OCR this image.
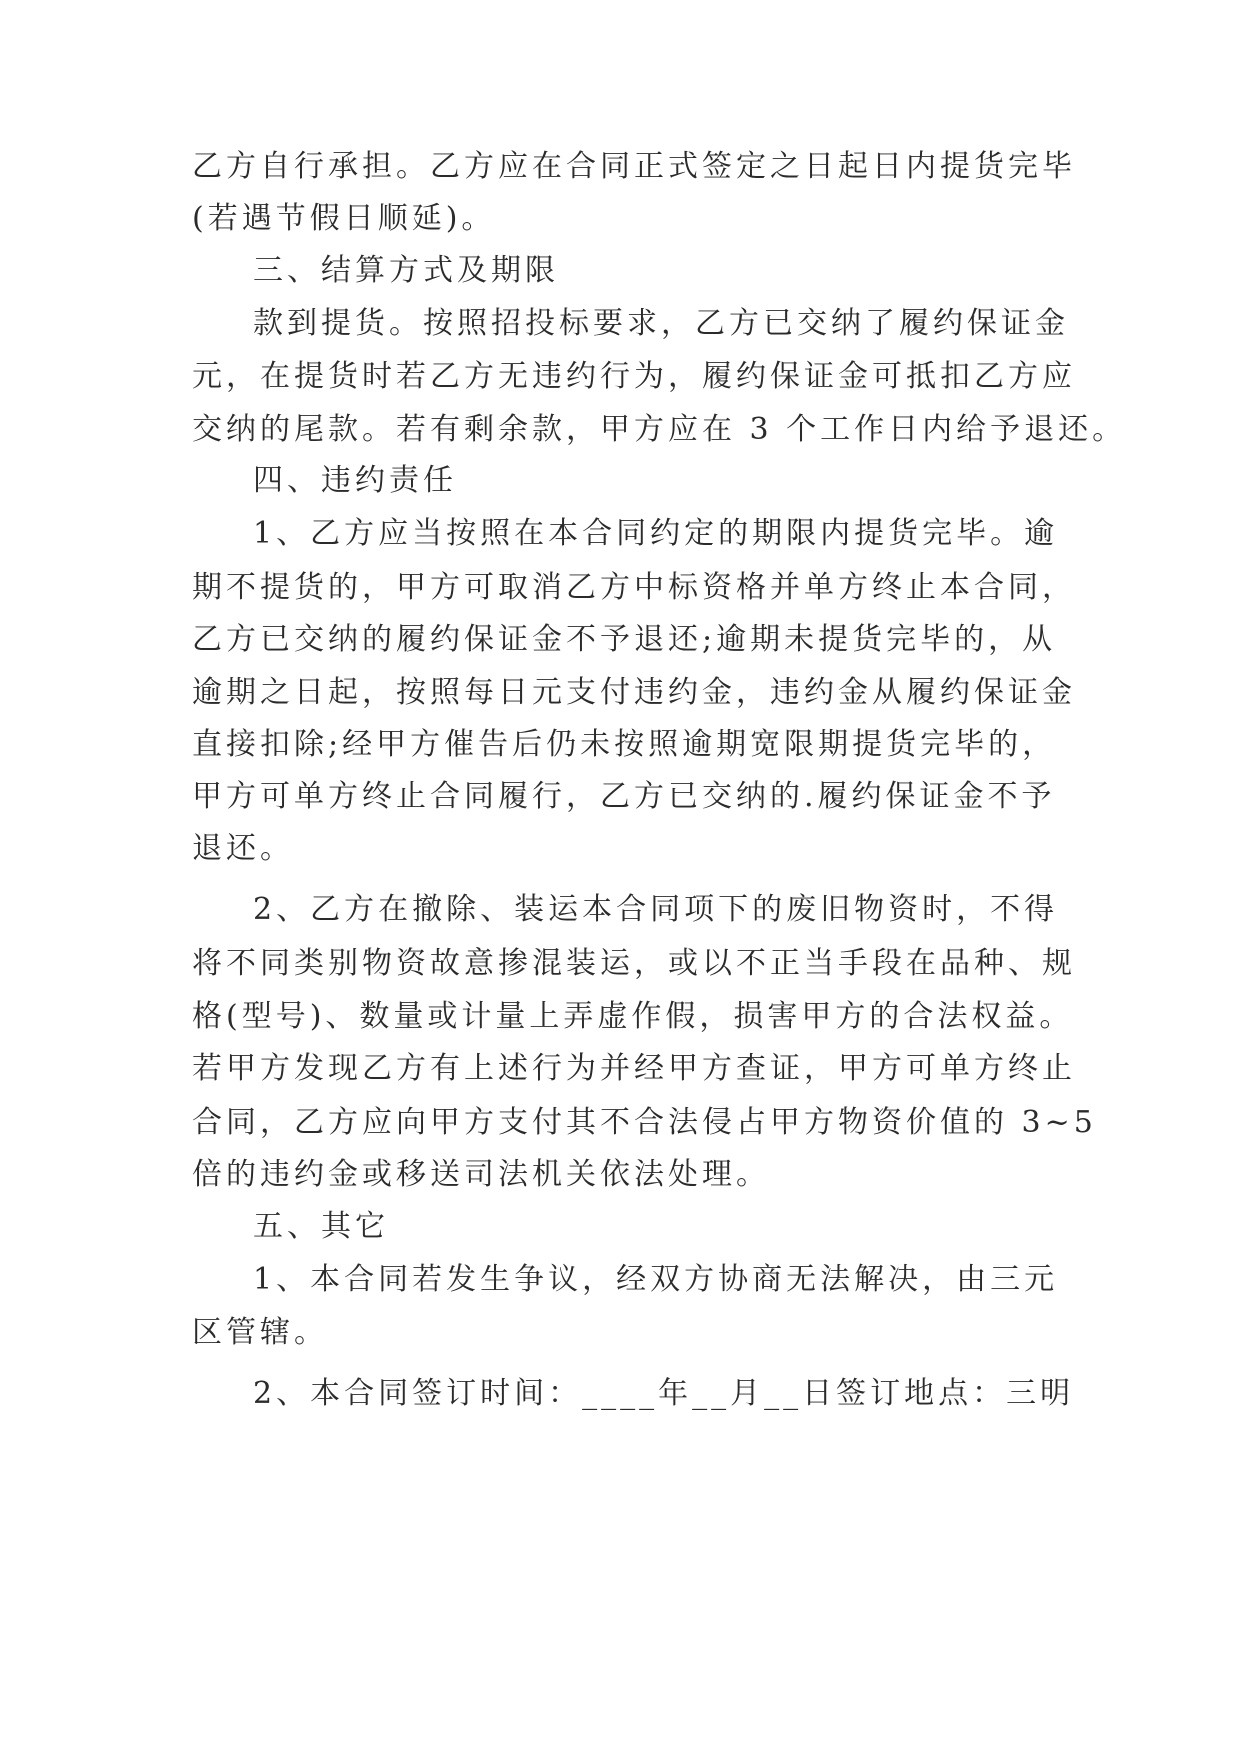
乙方自行承担。乙方应在合同正式签定之日起日内提货完毕
(若遇节假日顺延)。
三、结算方式及期限
款到提货。按照招投标要求，乙方已交纳了履约保证金
元，在提货时若乙方无违约行为，履约保证金可抵扣乙方应
交纳的尾款。若有剩余款，甲方应在 3 个工作日内给予退还。
四、违约责任
1、乙方应当按照在本合同约定的期限内提货完毕。逾
期不提货的，甲方可取消乙方中标资格并单方终止本合同，
乙方已交纳的履约保证金不予退还;逾期未提货完毕的，从
逾期之日起，按照每日元支付违约金，违约金从履约保证金
直接扣除;经甲方催告后仍未按照逾期宽限期提货完毕的，
甲方可单方终止合同履行，乙方已交纳的.履约保证金不予
退还。
2、乙方在撤除、装运本合同项下的废旧物资时，不得
将不同类别物资故意掺混装运，或以不正当手段在品种、规
格(型号)、数量或计量上弄虚作假，损害甲方的合法权益。
若甲方发现乙方有上述行为并经甲方查证，甲方可单方终止
合同，乙方应向甲方支付其不合法侵占甲方物资价值的 3~5
倍的违约金或移送司法机关依法处理。
五、其它
1、本合同若发生争议，经双方协商无法解决，由三元
区管辖。
2、本合同签订时间：____年__月__日签订地点：三明
